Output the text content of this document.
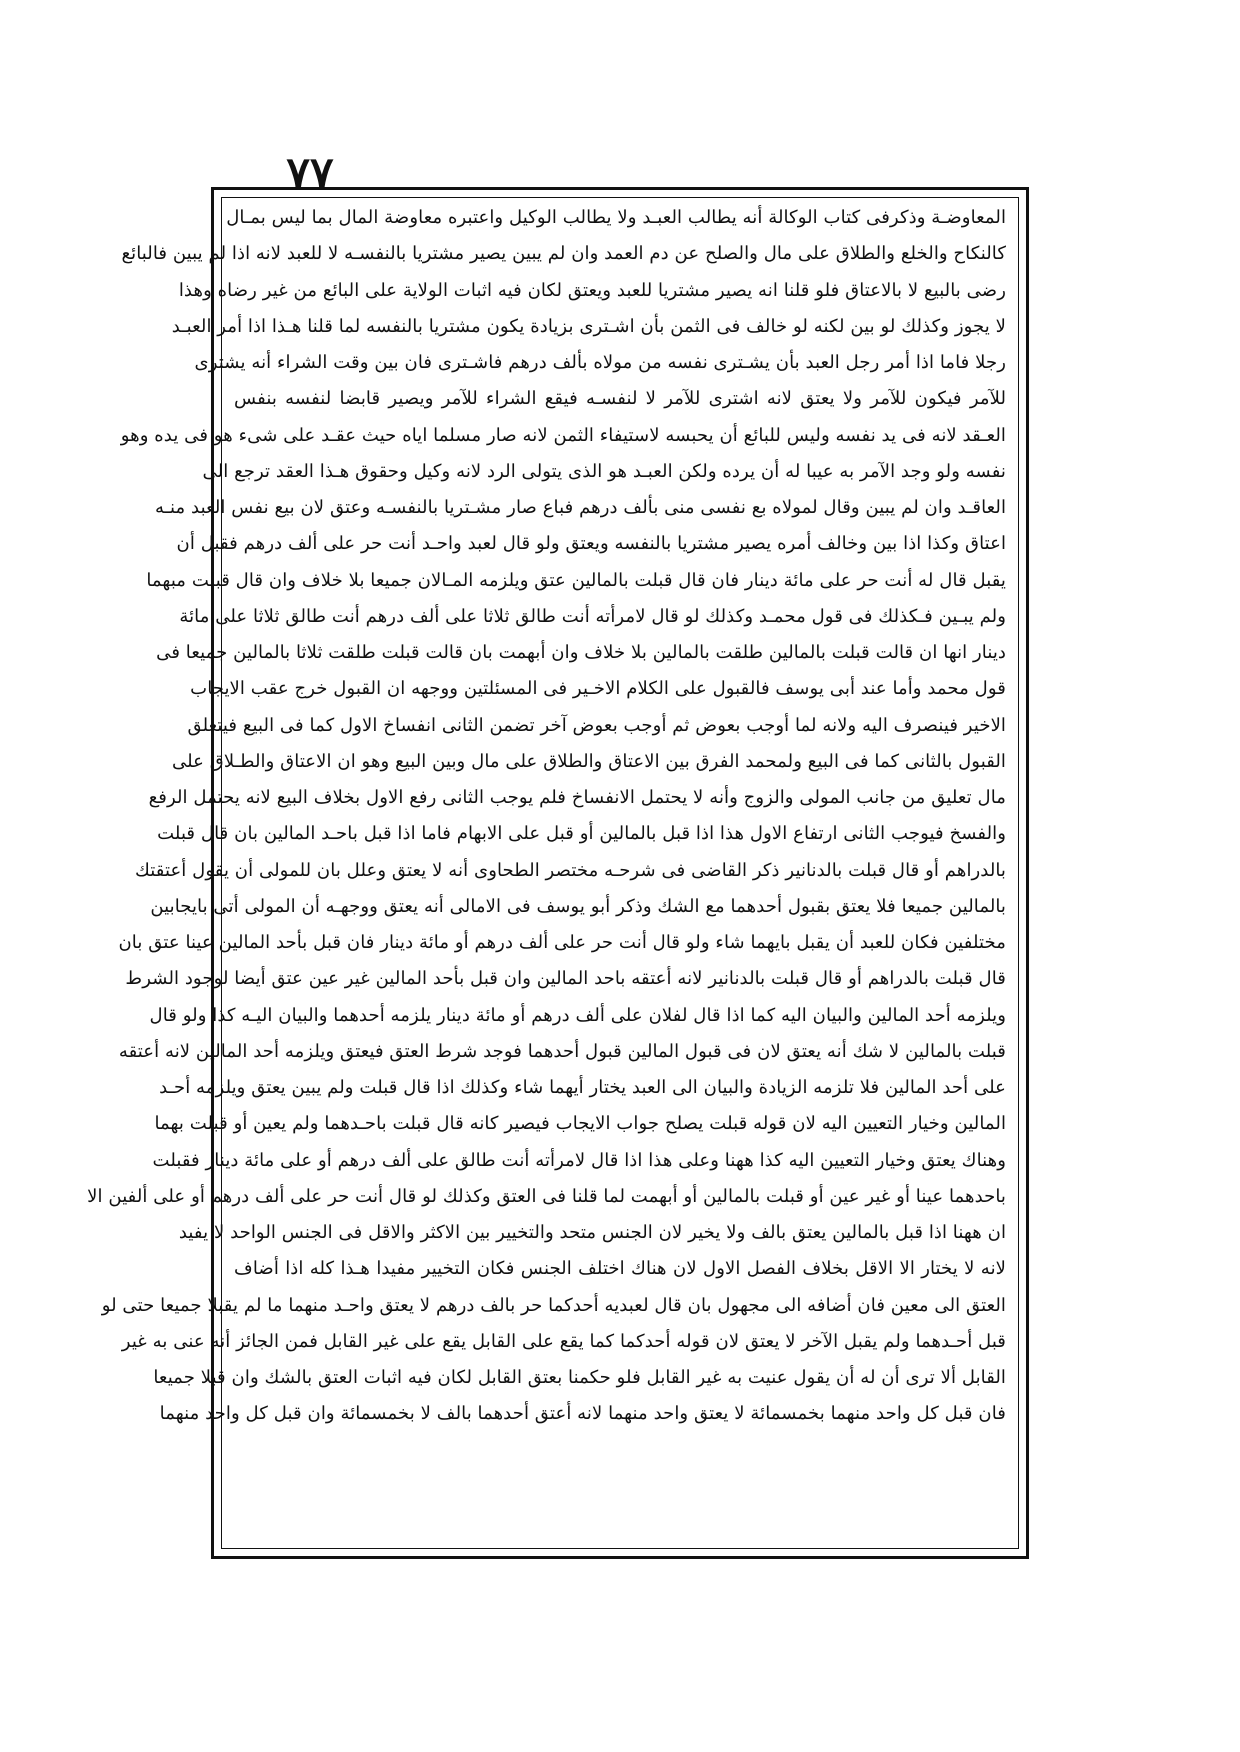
٧٧
المعاوضـة وذكرفى كتاب الوكالة أنه يطالب العبـد ولا يطالب الوكيل واعتبره معاوضة المال بما ليس بمـال
كالنكاح والخلع والطلاق على مال والصلح عن دم العمد وان لم يبين يصير مشتريا بالنفسـه لا للعبد لانه اذا لم يبين فالبائع
رضى بالبيع لا بالاعتاق فلو قلنا انه يصير مشتريا للعبد ويعتق لكان فيه اثبات الولاية على البائع من غير رضاه وهذا
لا يجوز وكذلك لو بين لكنه لو خالف فى الثمن بأن اشـترى بزيادة يكون مشتريا بالنفسه لما قلنا هـذا اذا أمر العبـد
رجلا فاما اذا أمر رجل العبد بأن يشـترى نفسه من مولاه بألف درهم فاشـترى فان بين وقت الشراء أنه يشترى
للآمر فيكون للآمر ولا يعتق لانه اشترى للآمر لا لنفسـه فيقع الشراء للآمر ويصير قابضا لنفسه بنفس
العـقد لانه فى يد نفسه وليس للبائع أن يحبسه لاستيفاء الثمن لانه صار مسلما اياه حيث عقـد على شىء هو فى يده وهو
نفسه ولو وجد الآمر به عيبا له أن يرده ولكن العبـد هو الذى يتولى الرد لانه وكيل وحقوق هـذا العقد ترجع الى
العاقـد وان لم يبين وقال لمولاه بع نفسى منى بألف درهم فباع صار مشـتريا بالنفسـه وعتق لان بيع نفس العبد منـه
اعتاق وكذا اذا بين وخالف أمره يصير مشتريا بالنفسه ويعتق ولو قال لعبد واحـد أنت حر على ألف درهم فقبل أن
يقبل قال له أنت حر على مائة دينار فان قال قبلت بالمالين عتق ويلزمه المـالان جميعا بلا خلاف وان قال قبلت مبهما
ولم يبـين فـكذلك فى قول محمـد وكذلك لو قال لامرأته أنت طالق ثلاثا على ألف درهم أنت طالق ثلاثا على مائة
دينار انها ان قالت قبلت بالمالين طلقت بالمالين بلا خلاف وان أبهمت بان قالت قبلت طلقت ثلاثا بالمالين جميعا فى
قول محمد وأما عند أبى يوسف فالقبول على الكلام الاخـير فى المسئلتين ووجهه ان القبول خرج عقب الايجاب
الاخير فينصرف اليه ولانه لما أوجب بعوض ثم أوجب بعوض آخر تضمن الثانى انفساخ الاول كما فى البيع فيتعلق
القبول بالثانى كما فى البيع ولمحمد الفرق بين الاعتاق والطلاق على مال وبين البيع وهو ان الاعتاق والطـلاق على
مال تعليق من جانب المولى والزوج وأنه لا يحتمل الانفساخ فلم يوجب الثانى رفع الاول بخلاف البيع لانه يحتمل الرفع
والفسخ فيوجب الثانى ارتفاع الاول هذا اذا قبل بالمالين أو قبل على الابهام فاما اذا قبل باحـد المالين بان قال قبلت
بالدراهم أو قال قبلت بالدنانير ذكر القاضى فى شرحـه مختصر الطحاوى أنه لا يعتق وعلل بان للمولى أن يقول أعتقتك
بالمالين جميعا فلا يعتق بقبول أحدهما مع الشك وذكر أبو يوسف فى الامالى أنه يعتق ووجهـه أن المولى أتى بايجابين
مختلفين فكان للعبد أن يقبل بايهما شاء ولو قال أنت حر على ألف درهم أو مائة دينار فان قبل بأحد المالين عينا عتق بان
قال قبلت بالدراهم أو قال قبلت بالدنانير لانه أعتقه باحد المالين وان قبل بأحد المالين غير عين عتق أيضا لوجود الشرط
ويلزمه أحد المالين والبيان اليه كما اذا قال لفلان على ألف درهم أو مائة دينار يلزمه أحدهما والبيان اليـه كذا ولو قال
قبلت بالمالين لا شك أنه يعتق لان فى قبول المالين قبول أحدهما فوجد شرط العتق فيعتق ويلزمه أحد المالين لانه أعتقه
على أحد المالين فلا تلزمه الزيادة والبيان الى العبد يختار أيهما شاء وكذلك اذا قال قبلت ولم يبين يعتق ويلزمه أحـد
المالين وخيار التعيين اليه لان قوله قبلت يصلح جواب الايجاب فيصير كانه قال قبلت باحـدهما ولم يعين أو قبلت بهما
وهناك يعتق وخيار التعيين اليه كذا ههنا وعلى هذا اذا قال لامرأته أنت طالق على ألف درهم أو على مائة دينار فقبلت
باحدهما عينا أو غير عين أو قبلت بالمالين أو أبهمت لما قلنا فى العتق وكذلك لو قال أنت حر على ألف درهم أو على ألفين الا
ان ههنا اذا قبل بالمالين يعتق بالف ولا يخير لان الجنس متحد والتخيير بين الاكثر والاقل فى الجنس الواحد لا يفيد
لانه لا يختار الا الاقل بخلاف الفصل الاول لان هناك اختلف الجنس فكان التخيير مفيدا هـذا كله اذا أضاف
العتق الى معين فان أضافه الى مجهول بان قال لعبديه أحدكما حر بالف درهم لا يعتق واحـد منهما ما لم يقبلا جميعا حتى لو
قبل أحـدهما ولم يقبل الآخر لا يعتق لان قوله أحدكما كما يقع على القابل يقع على غير القابل فمن الجائز أنه عنى به غير
القابل ألا ترى أن له أن يقول عنيت به غير القابل فلو حكمنا بعتق القابل لكان فيه اثبات العتق بالشك وان قبلا جميعا
فان قبل كل واحد منهما بخمسمائة لا يعتق واحد منهما لانه أعتق أحدهما بالف لا بخمسمائة وان قبل كل واحد منهما
